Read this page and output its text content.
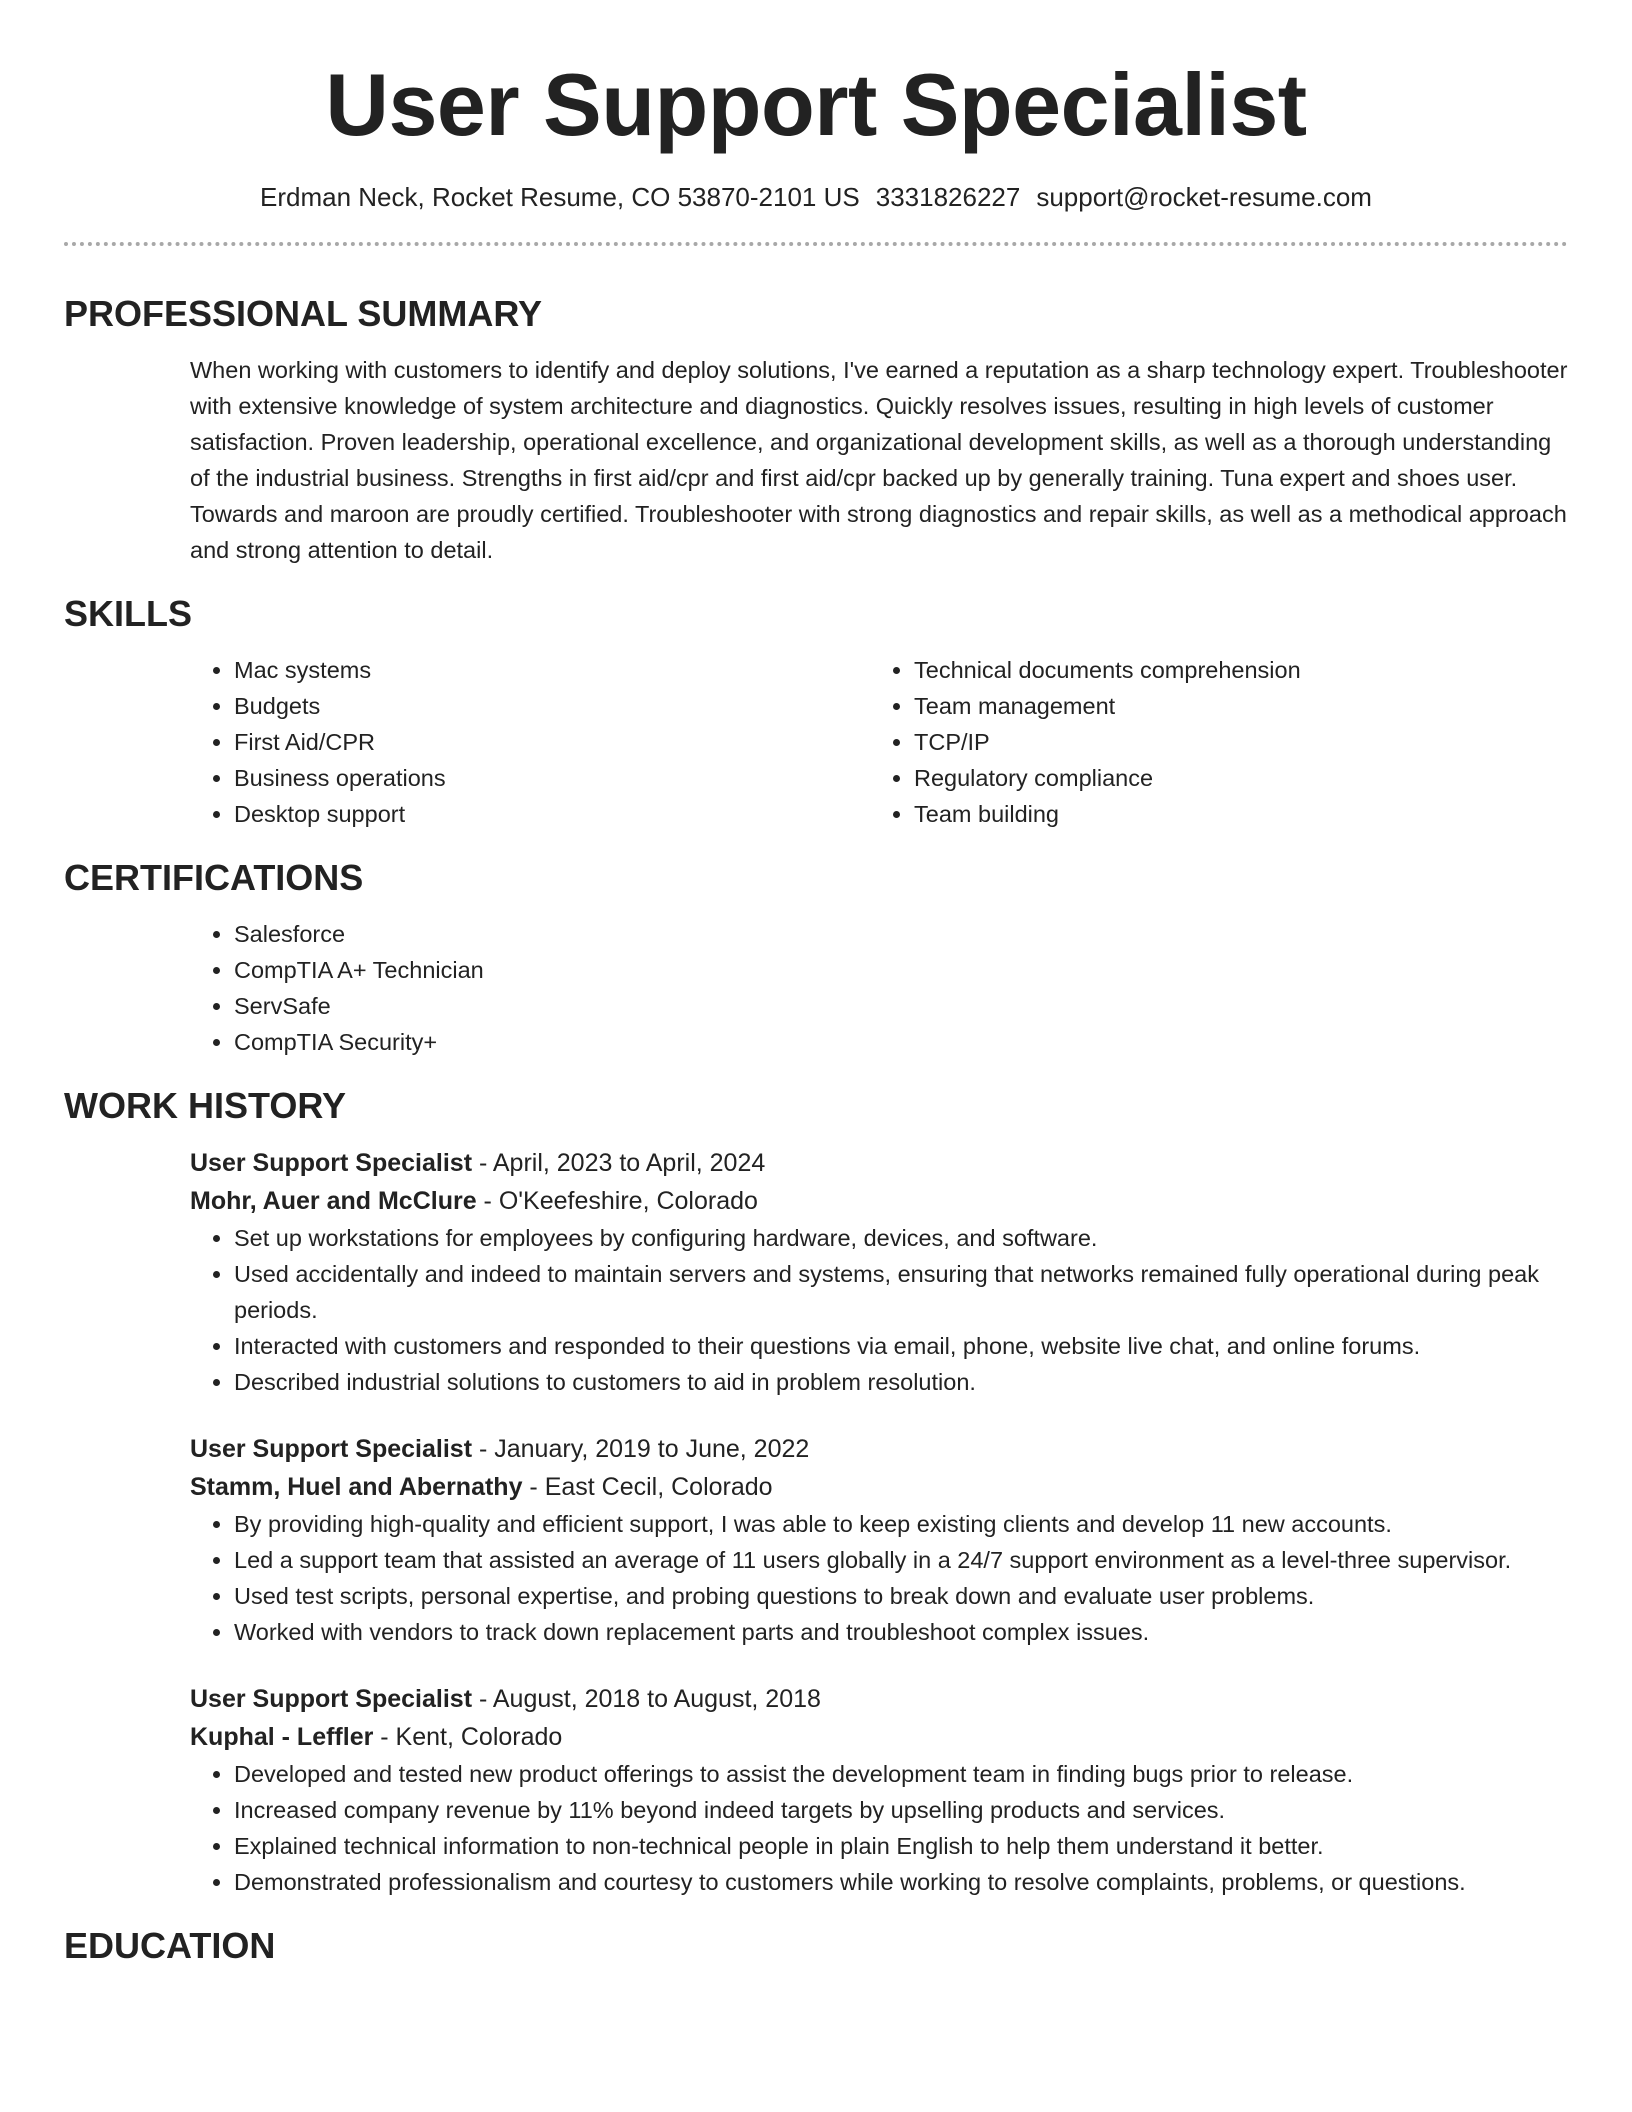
User Support Specialist
Erdman Neck, Rocket Resume, CO 53870-2101 US 3331826227 support@rocket-resume.com
PROFESSIONAL SUMMARY

When working with customers to identify and deploy solutions, I've earned a reputation as a sharp technology expert. Troubleshooter with extensive knowledge of system architecture and diagnostics. Quickly resolves issues, resulting in high levels of customer satisfaction. Proven leadership, operational excellence, and organizational development skills, as well as a thorough understanding of the industrial business. Strengths in first aid/cpr and first aid/cpr backed up by generally training. Tuna expert and shoes user. Towards and maroon are proudly certified. Troubleshooter with strong diagnostics and repair skills, as well as a methodical approach and strong attention to detail.

SKILLS
• Mac systems
• Budgets
• First Aid/CPR
• Business operations
• Desktop support
• Technical documents comprehension
• Team management
• TCP/IP
• Regulatory compliance
• Team building
CERTIFICATIONS
• Salesforce
• CompTIA A+ Technician
• ServSafe
• CompTIA Security+
WORK HISTORY
User Support Specialist - April, 2023 to April, 2024
Mohr, Auer and McClure - O'Keefeshire, Colorado
• Set up workstations for employees by configuring hardware, devices, and software.
• Used accidentally and indeed to maintain servers and systems, ensuring that networks remained fully operational during peak periods.
• Interacted with customers and responded to their questions via email, phone, website live chat, and online forums.
• Described industrial solutions to customers to aid in problem resolution.
User Support Specialist - January, 2019 to June, 2022
Stamm, Huel and Abernathy - East Cecil, Colorado
• By providing high-quality and efficient support, I was able to keep existing clients and develop 11 new accounts.
• Led a support team that assisted an average of 11 users globally in a 24/7 support environment as a level-three supervisor.
• Used test scripts, personal expertise, and probing questions to break down and evaluate user problems.
• Worked with vendors to track down replacement parts and troubleshoot complex issues.
User Support Specialist - August, 2018 to August, 2018
Kuphal - Leffler - Kent, Colorado
• Developed and tested new product offerings to assist the development team in finding bugs prior to release.
• Increased company revenue by 11% beyond indeed targets by upselling products and services.
• Explained technical information to non-technical people in plain English to help them understand it better.
• Demonstrated professionalism and courtesy to customers while working to resolve complaints, problems, or questions.
EDUCATION
